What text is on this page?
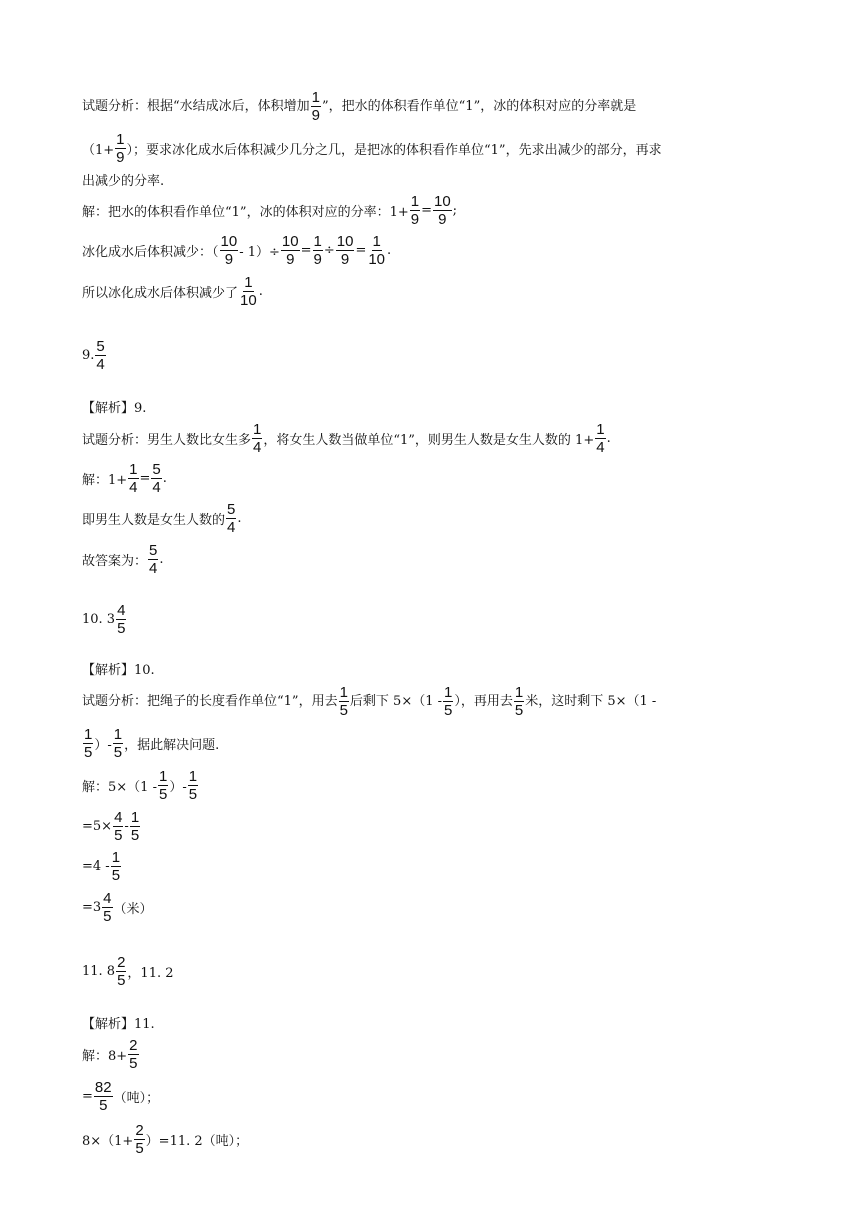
试题分析：根据“水结成冰后，体积增加 $\frac{1}{9}$ ”，把水的体积看作单位“1”，冰的体积对应的分率就是
（$1+ \frac{1}{9}$ ）；要求冰化成水后体积减少几分之几，是把冰的体积看作单位“1”，先求出减少的部分，再求
出减少的分率.
解：把水的体积看作单位“1”，冰的体积对应的分率：$1+ \frac{1}{9} = \frac{10}{9}$ ;
冰化成水后体积减少：（ $\frac{10}{9} - 1)\div \frac{10}{9} = \frac{1}{9} \div \frac{10}{9} = \frac{1}{10}$ .
所以冰化成水后体积减少了 $\frac{1}{10}$ .
9. $\frac{5}{4}$
【解析】9.
试题分析：男生人数比女生多 $\frac{1}{4}$ ，将女生人数当做单位“1”，则男生人数是女生人数的 $1+ \frac{1}{4}$ .
解：$1+ \frac{1}{4} = \frac{5}{4}$ .
即男生人数是女生人数的 $\frac{5}{4}$ .
故答案为： $\frac{5}{4}$ .
10. $3 \frac{4}{5}$
【解析】10.
试题分析：把绳子的长度看作单位“1”，用去 $\frac{1}{5}$ 后剩下 $5\times(1 - \frac{1}{5}$ ），再用去 $\frac{1}{5}$ 米，这时剩下 5×（1 -
$\frac{1}{5}$ ）- $\frac{1}{5}$ ，据此解决问题.
解：$5\times(1 - \frac{1}{5}$ ）- $\frac{1}{5}$
$=5\times \frac{4}{5} - \frac{1}{5}$
$=4 - \frac{1}{5}$
$=3 \frac{4}{5}$ （米）
11. $8 \frac{2}{5}$ ，11. 2
【解析】11.
解：$8+ \frac{2}{5}$
= $\frac{82}{5}$ （吨）；
$8\times(1+ \frac{2}{5} )=11$. 2（吨）；
